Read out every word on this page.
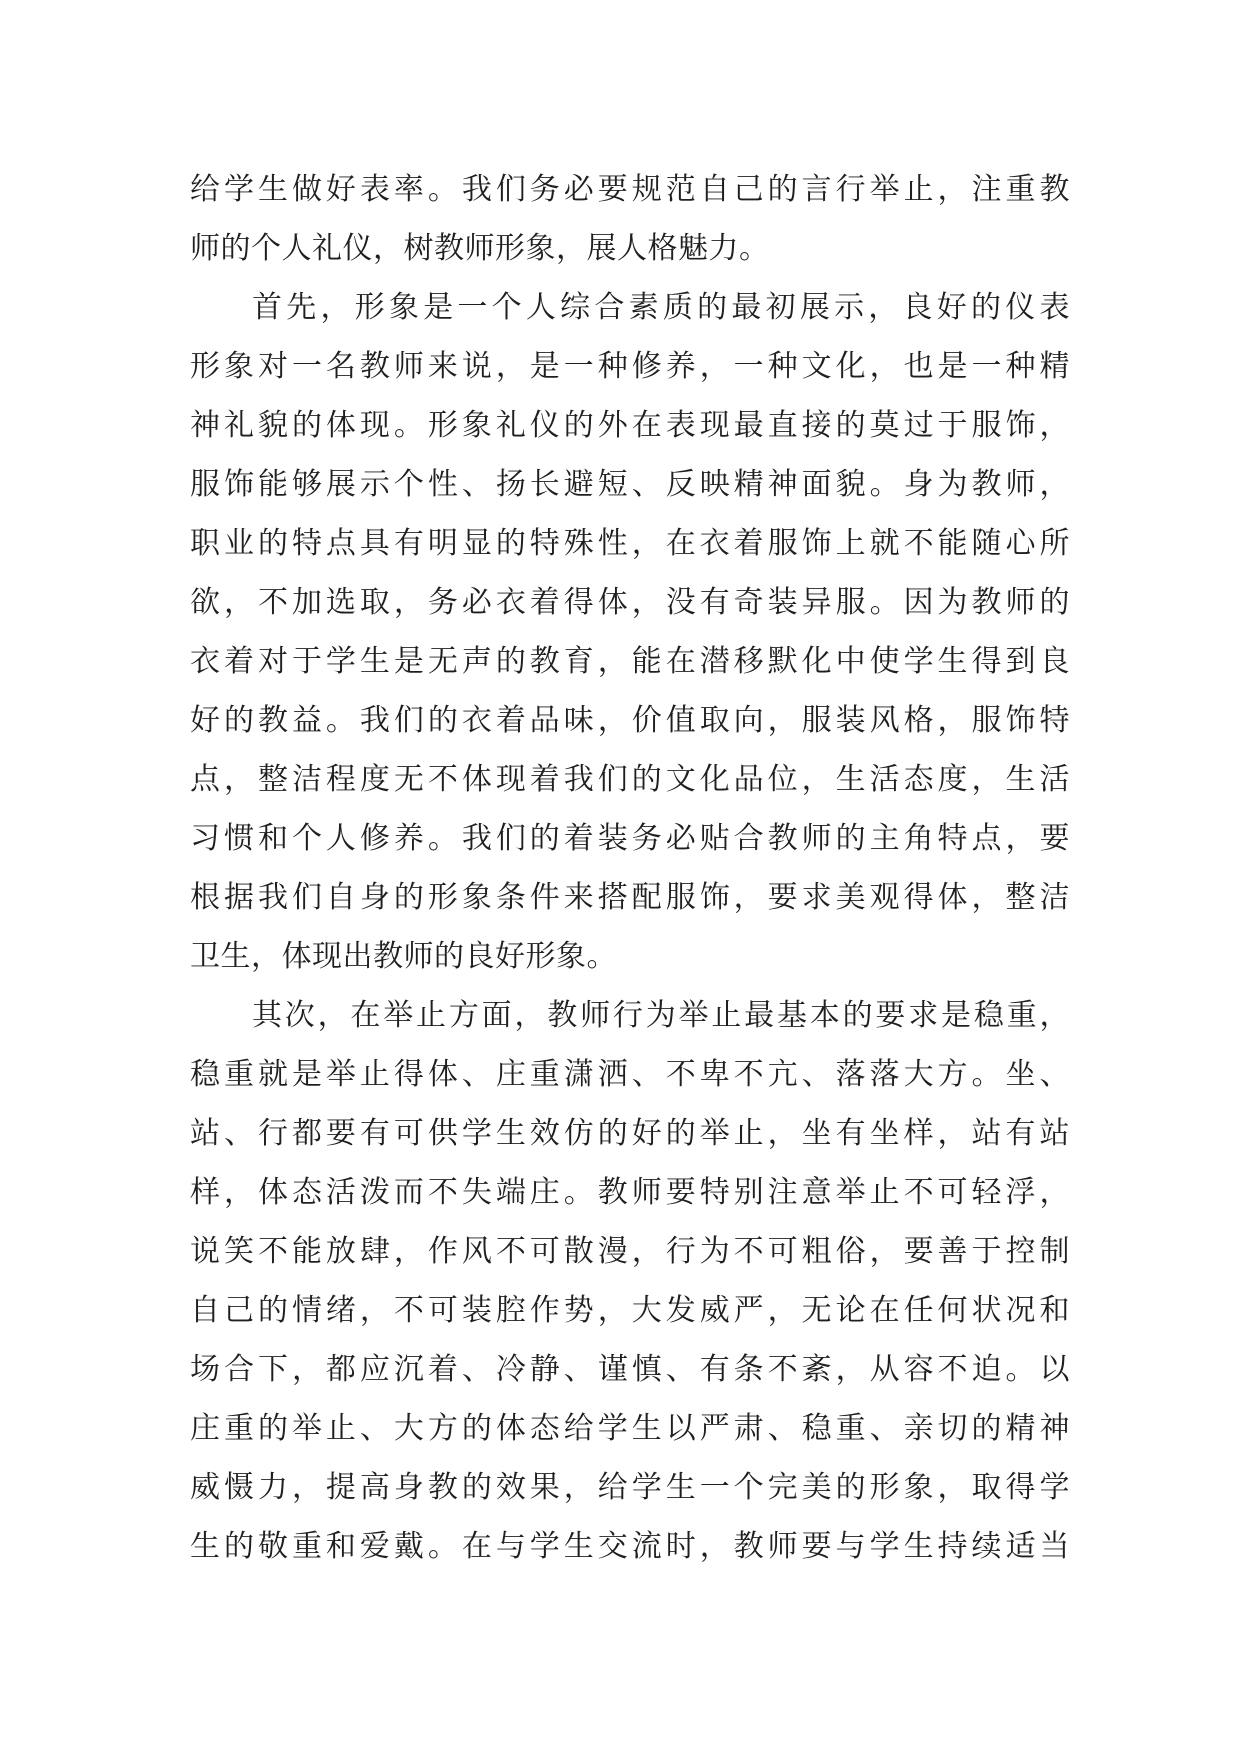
给学生做好表率。我们务必要规范自己的言行举止，注重教
师的个人礼仪，树教师形象，展人格魅力。
首先，形象是一个人综合素质的最初展示，良好的仪表
形象对一名教师来说，是一种修养，一种文化，也是一种精
神礼貌的体现。形象礼仪的外在表现最直接的莫过于服饰，
服饰能够展示个性、扬长避短、反映精神面貌。身为教师，
职业的特点具有明显的特殊性，在衣着服饰上就不能随心所
欲，不加选取，务必衣着得体，没有奇装异服。因为教师的
衣着对于学生是无声的教育，能在潜移默化中使学生得到良
好的教益。我们的衣着品味，价值取向，服装风格，服饰特
点，整洁程度无不体现着我们的文化品位，生活态度，生活
习惯和个人修养。我们的着装务必贴合教师的主角特点，要
根据我们自身的形象条件来搭配服饰，要求美观得体，整洁
卫生，体现出教师的良好形象。
其次，在举止方面，教师行为举止最基本的要求是稳重，
稳重就是举止得体、庄重潇洒、不卑不亢、落落大方。坐、
站、行都要有可供学生效仿的好的举止，坐有坐样，站有站
样，体态活泼而不失端庄。教师要特别注意举止不可轻浮，
说笑不能放肆，作风不可散漫，行为不可粗俗，要善于控制
自己的情绪，不可装腔作势，大发威严，无论在任何状况和
场合下，都应沉着、冷静、谨慎、有条不紊，从容不迫。以
庄重的举止、大方的体态给学生以严肃、稳重、亲切的精神
威慑力，提高身教的效果，给学生一个完美的形象，取得学
生的敬重和爱戴。在与学生交流时，教师要与学生持续适当
